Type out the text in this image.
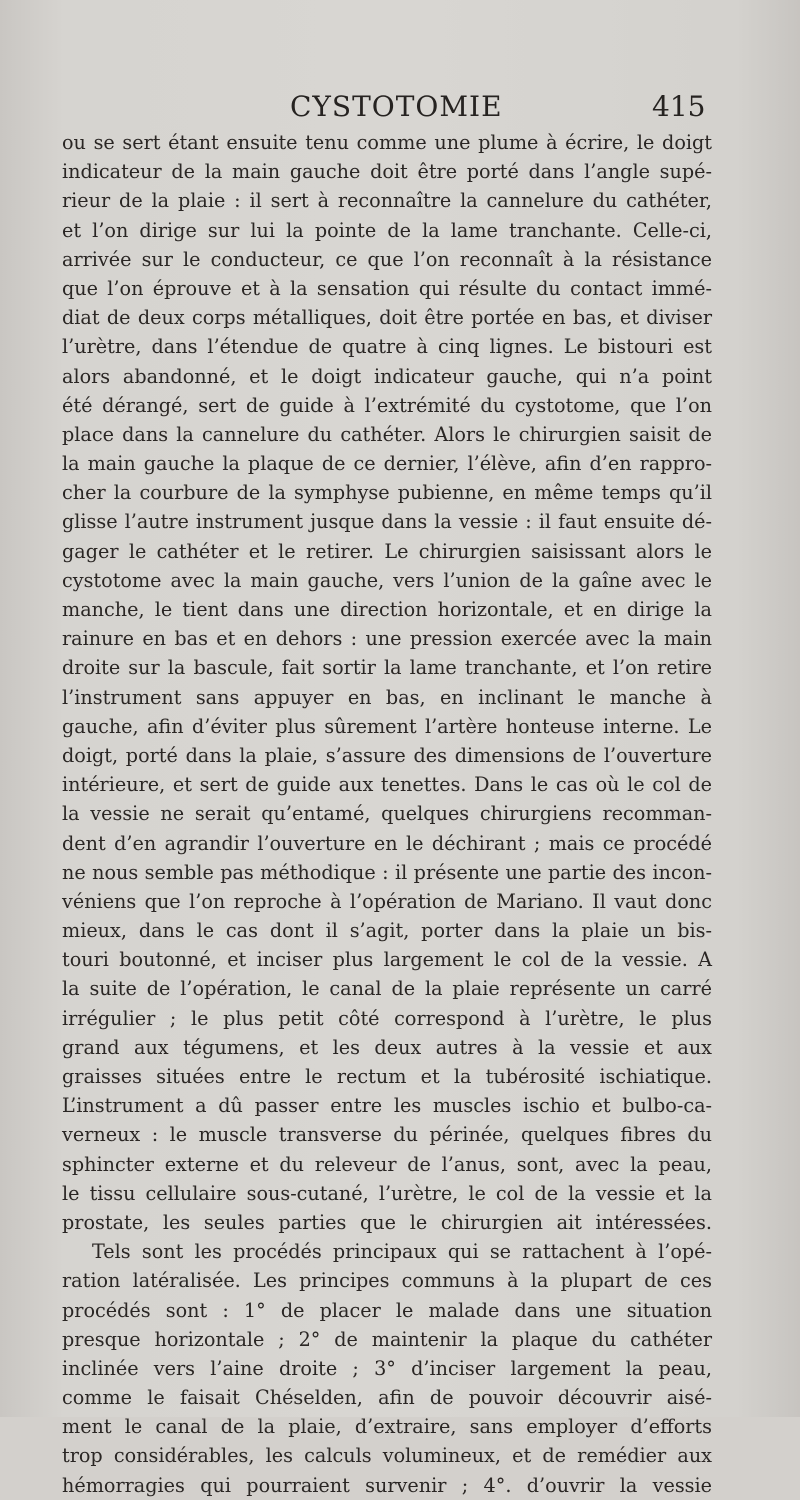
CYSTOTOMIE	415
ou se sert étant ensuite tenu comme une plume à écrire, le doigt
indicateur de la main gauche doit être porté dans l’angle supé-
rieur de la plaie : il sert à reconnaître la cannelure du cathéter,
et l’on dirige sur lui la pointe de la lame tranchante. Celle-ci,
arrivée sur le conducteur, ce que l’on reconnaît à la résistance
que l’on éprouve et à la sensation qui résulte du contact immé-
diat de deux corps métalliques, doit être portée en bas, et diviser
l’urètre, dans l’étendue de quatre à cinq lignes. Le bistouri est
alors abandonné, et le doigt indicateur gauche, qui n’a point
été dérangé, sert de guide à l’extrémité du cystotome, que l’on
place dans la cannelure du cathéter. Alors le chirurgien saisit de
la main gauche la plaque de ce dernier, l’élève, afin d’en rappro-
cher la courbure de la symphyse pubienne, en même temps qu’il
glisse l’autre instrument jusque dans la vessie : il faut ensuite dé-
gager le cathéter et le retirer. Le chirurgien saisissant alors le
cystotome avec la main gauche, vers l’union de la gaîne avec le
manche, le tient dans une direction horizontale, et en dirige la
rainure en bas et en dehors : une pression exercée avec la main
droite sur la bascule, fait sortir la lame tranchante, et l’on retire
l’instrument sans appuyer en bas, en inclinant le manche à
gauche, afin d’éviter plus sûrement l’artère honteuse interne. Le
doigt, porté dans la plaie, s’assure des dimensions de l’ouverture
intérieure, et sert de guide aux tenettes. Dans le cas où le col de
la vessie ne serait qu’entamé, quelques chirurgiens recomman-
dent d’en agrandir l’ouverture en le déchirant ; mais ce procédé
ne nous semble pas méthodique : il présente une partie des incon-
véniens que l’on reproche à l’opération de Mariano. Il vaut donc
mieux, dans le cas dont il s’agit, porter dans la plaie un bis-
touri boutonné, et inciser plus largement le col de la vessie. A
la suite de l’opération, le canal de la plaie représente un carré
irrégulier ; le plus petit côté correspond à l’urètre, le plus
grand aux tégumens, et les deux autres à la vessie et aux
graisses situées entre le rectum et la tubérosité ischiatique.
L’instrument a dû passer entre les muscles ischio et bulbo-ca-
verneux : le muscle transverse du périnée, quelques fibres du
sphincter externe et du releveur de l’anus, sont, avec la peau,
le tissu cellulaire sous-cutané, l’urètre, le col de la vessie et la
prostate, les seules parties que le chirurgien ait intéressées.
Tels sont les procédés principaux qui se rattachent à l’opé-
ration latéralisée. Les principes communs à la plupart de ces
procédés sont : 1° de placer le malade dans une situation
presque horizontale ; 2° de maintenir la plaque du cathéter
inclinée vers l’aine droite ; 3° d’inciser largement la peau,
comme le faisait Chéselden, afin de pouvoir découvrir aisé-
ment le canal de la plaie, d’extraire, sans employer d’efforts
trop considérables, les calculs volumineux, et de remédier aux
hémorragies qui pourraient survenir ; 4°. d’ouvrir la vessie
